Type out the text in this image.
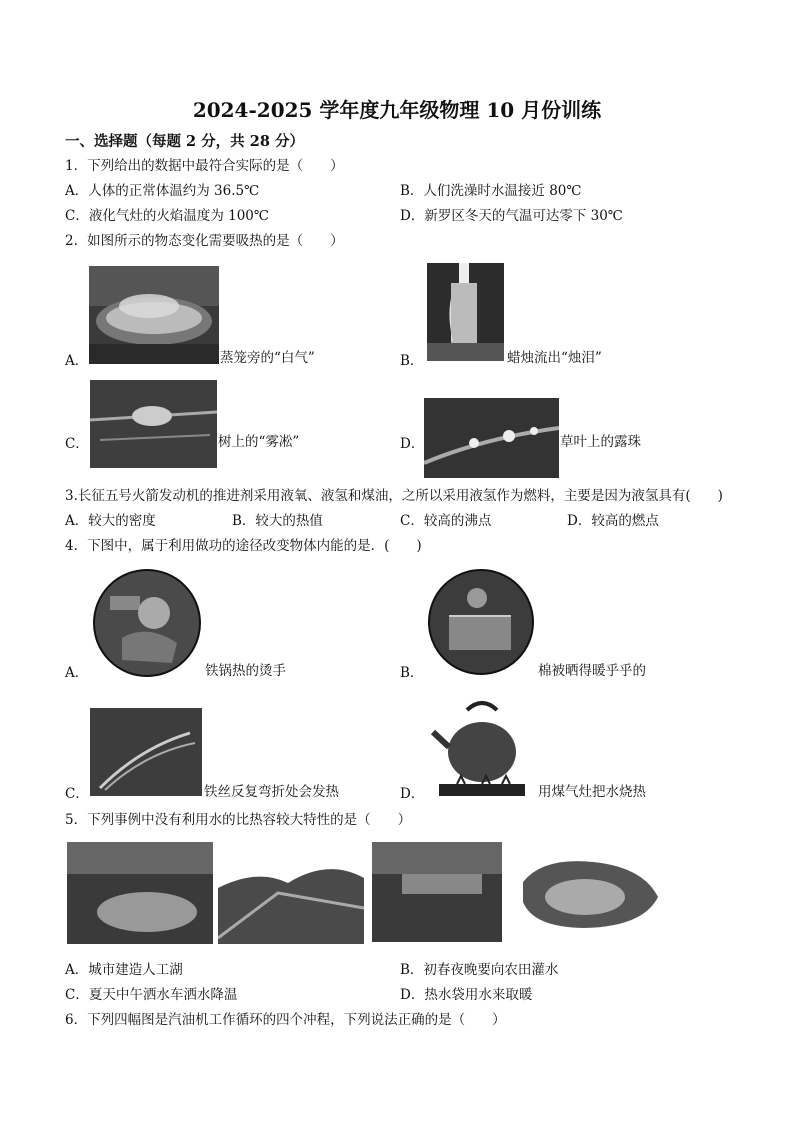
2024-2025 学年度九年级物理 10 月份训练
一、选择题（每题 2 分，共 28 分）
1．下列给出的数据中最符合实际的是（　　）
A．人体的正常体温约为 36.5℃	B．人们洗澡时水温接近 80℃
C．液化气灶的火焰温度为 100℃	D．新罗区冬天的气温可达零下 30℃
2．如图所示的物态变化需要吸热的是（　　）
A．	蒸笼旁的“白气”	B．	蜡烛流出“烛泪”
C．	树上的“雾凇”	D．	草叶上的露珠
3.长征五号火箭发动机的推进剂采用液氧、液氢和煤油，之所以采用液氢作为燃料，主要是因为液氢具有(　　)
A．较大的密度	B．较大的热值	C．较高的沸点	D．较高的燃点
4．下图中，属于利用做功的途径改变物体内能的是．(　　)
A．	铁锅热的烫手	B．	棉被晒得暖乎乎的
C．	铁丝反复弯折处会发热	D．	用煤气灶把水烧热
5．下列事例中没有利用水的比热容较大特性的是（　　）
A．城市建造人工湖	B．初春夜晚要向农田灌水
C．夏天中午洒水车洒水降温	D．热水袋用水来取暖
6．下列四幅图是汽油机工作循环的四个冲程，下列说法正确的是（　　）
